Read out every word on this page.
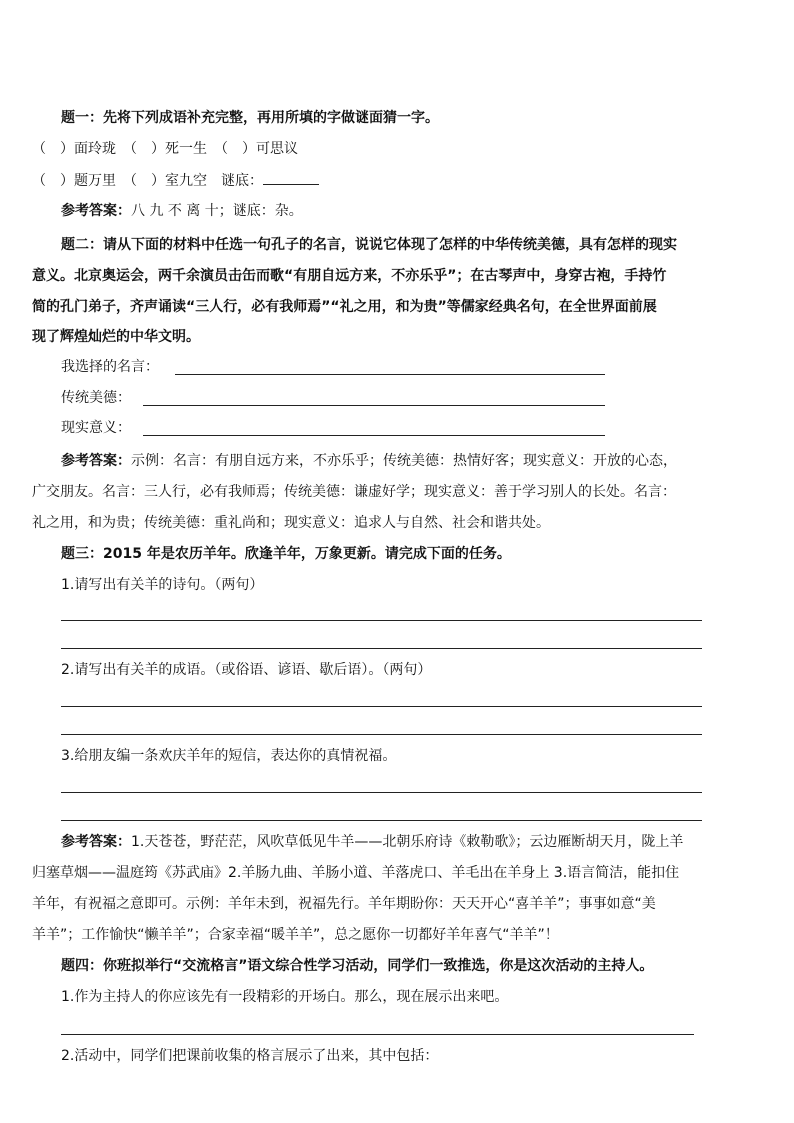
题一：先将下列成语补充完整，再用所填的字做谜面猜一字。
（　）面玲珑　（　）死一生　（　）可思议
（　）题万里　（　）室九空　谜底：
参考答案：八 九 不 离 十；谜底：杂。
题二：请从下面的材料中任选一句孔子的名言，说说它体现了怎样的中华传统美德，具有怎样的现实
意义。北京奥运会，两千余演员击缶而歌“有朋自远方来，不亦乐乎”；在古琴声中，身穿古袍，手持竹
简的孔门弟子，齐声诵读“三人行，必有我师焉”“礼之用，和为贵”等儒家经典名句，在全世界面前展
现了辉煌灿烂的中华文明。
我选择的名言：
传统美德：
现实意义：
参考答案：示例：名言：有朋自远方来，不亦乐乎；传统美德：热情好客；现实意义：开放的心态，
广交朋友。名言：三人行，必有我师焉；传统美德：谦虚好学；现实意义：善于学习别人的长处。名言：
礼之用，和为贵；传统美德：重礼尚和；现实意义：追求人与自然、社会和谐共处。
题三：2015 年是农历羊年。欣逢羊年，万象更新。请完成下面的任务。
1.请写出有关羊的诗句。（两句）
2.请写出有关羊的成语。（或俗语、谚语、歇后语）。（两句）
3.给朋友编一条欢庆羊年的短信，表达你的真情祝福。
参考答案：1.天苍苍，野茫茫，风吹草低见牛羊——北朝乐府诗《敕勒歌》；云边雁断胡天月，陇上羊
归塞草烟——温庭筠《苏武庙》2.羊肠九曲、羊肠小道、羊落虎口、羊毛出在羊身上 3.语言简洁，能扣住
羊年，有祝福之意即可。示例：羊年未到，祝福先行。羊年期盼你：天天开心“喜羊羊”；事事如意“美
羊羊”；工作愉快“懒羊羊”；合家幸福“暖羊羊”，总之愿你一切都好羊年喜气“羊羊”！
题四：你班拟举行“交流格言”语文综合性学习活动，同学们一致推选，你是这次活动的主持人。
1.作为主持人的你应该先有一段精彩的开场白。那么，现在展示出来吧。
2.活动中，同学们把课前收集的格言展示了出来，其中包括：
